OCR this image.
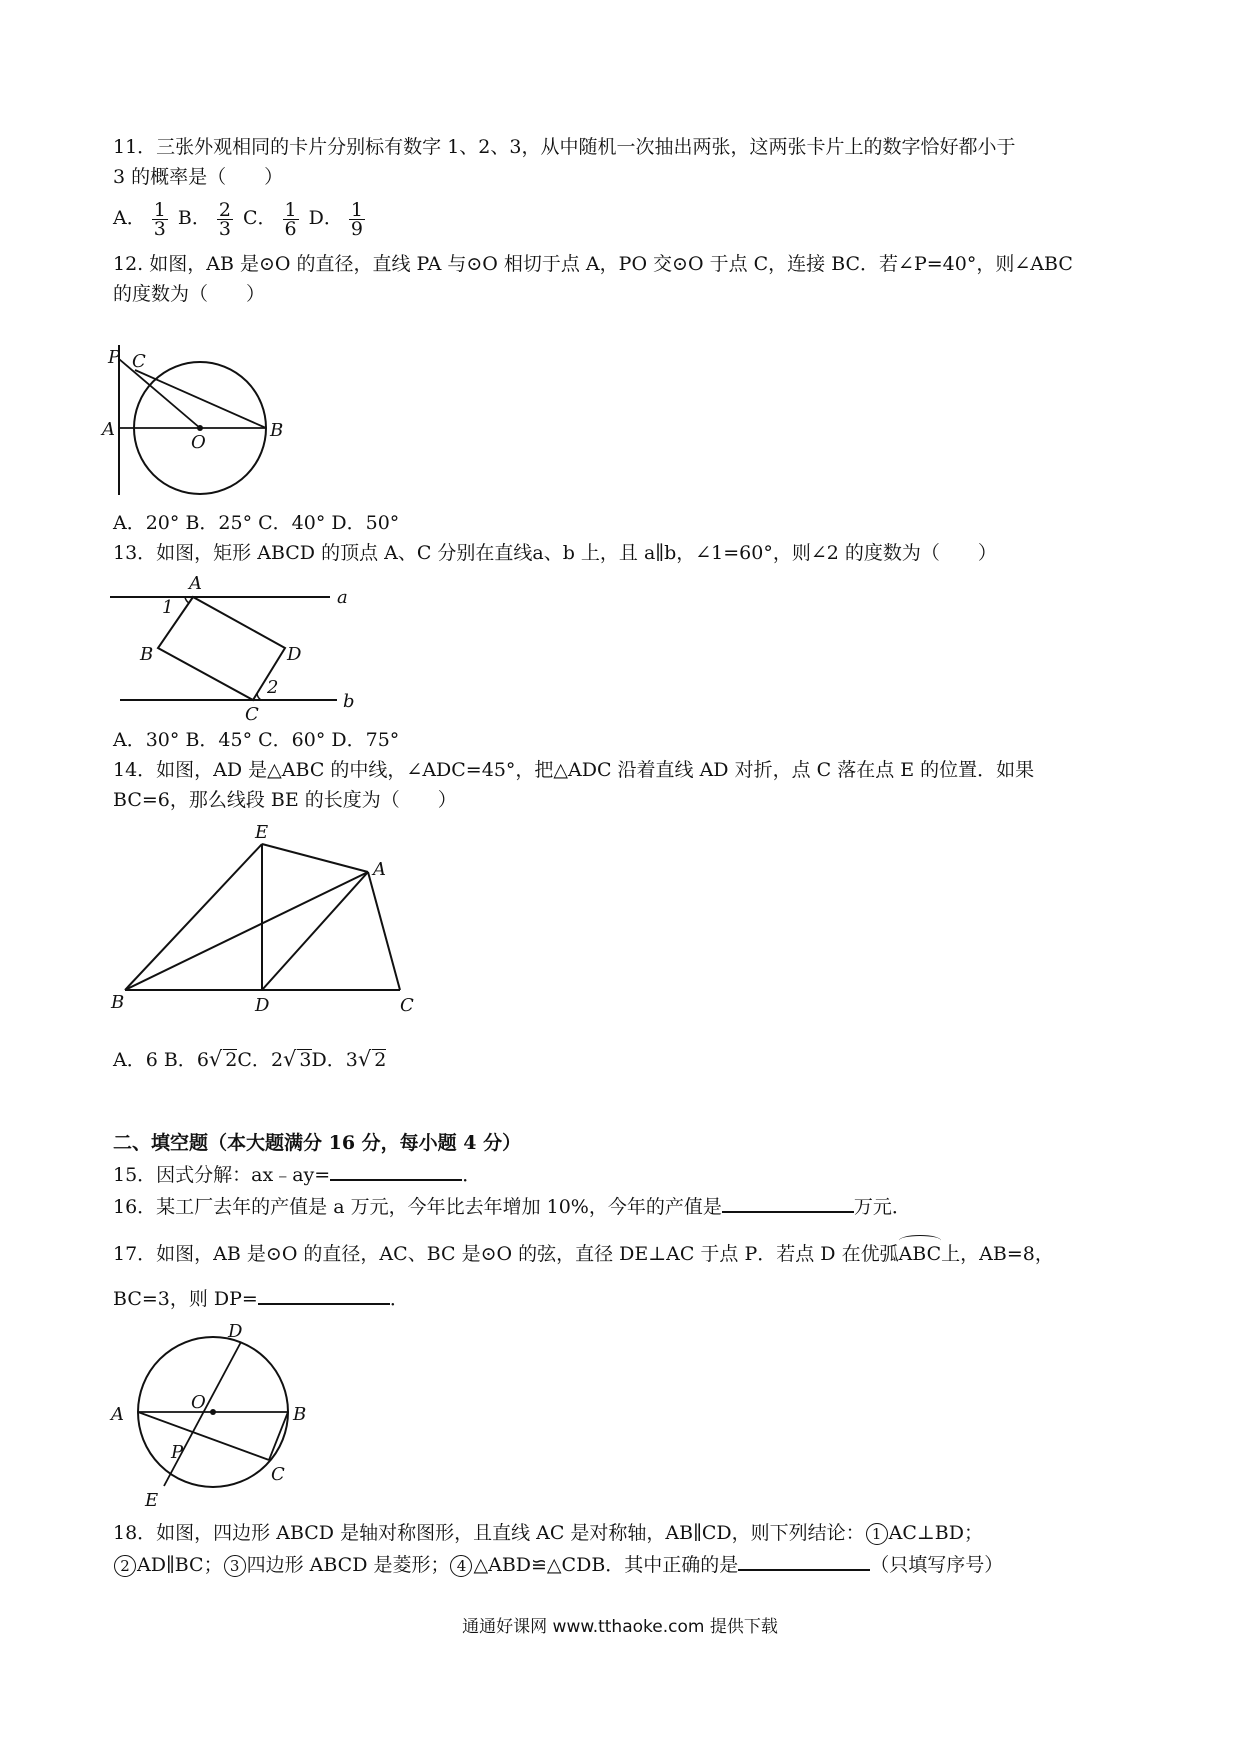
11．三张外观相同的卡片分别标有数字 1、2、3，从中随机一次抽出两张，这两张卡片上的数字恰好都小于
3 的概率是（　　）
A． $\frac{1}{3}$ B． $\frac{2}{3}$ C． $\frac{1}{6}$ D． $\frac{1}{9}$
12. 如图，AB 是⊙O 的直径，直线 PA 与⊙O 相切于点 A，PO 交⊙O 于点 C，连接 BC．若∠P=40°，则∠ABC
的度数为（　　）
P C
A
O
B
A．20° B．25° C．40° D．50°
13．如图，矩形 ABCD 的顶点 A、C 分别在直线a、b 上，且 a∥b，∠1=60°，则∠2 的度数为（　　）
A
a
1
B	D
2
C
b
A．30° B．45° C．60° D．75°
14．如图，AD 是△ABC 的中线，∠ADC=45°，把△ADC 沿着直线 AD 对折，点 C 落在点 E 的位置．如果
BC=6，那么线段 BE 的长度为（　　）
E
A
B	D	C
A．6 B．6√ 2C．2√ 3D．3√ 2
二、填空题（本大题满分 16 分，每小题 4 分）
15．因式分解：ax﹣ay=	．
16．某工厂去年的产值是 a 万元，今年比去年增加 10%，今年的产值是	万元．
17．如图，AB 是⊙O 的直径，AC、BC 是⊙O 的弦，直径 DE⊥AC 于点 P．若点 D 在优弧ABC上，AB=8，
BC=3，则 DP=	．
D
A
O
B
P
E
C
18．如图，四边形 ABCD 是轴对称图形，且直线 AC 是对称轴，AB∥CD，则下列结论： 1 AC⊥BD；
2 AD∥BC； 3 四边形 ABCD 是菱形； 4 △ABD≌△CDB．其中正确的是	（只填写序号）
通通好课网 www.tthaoke.com 提供下载
